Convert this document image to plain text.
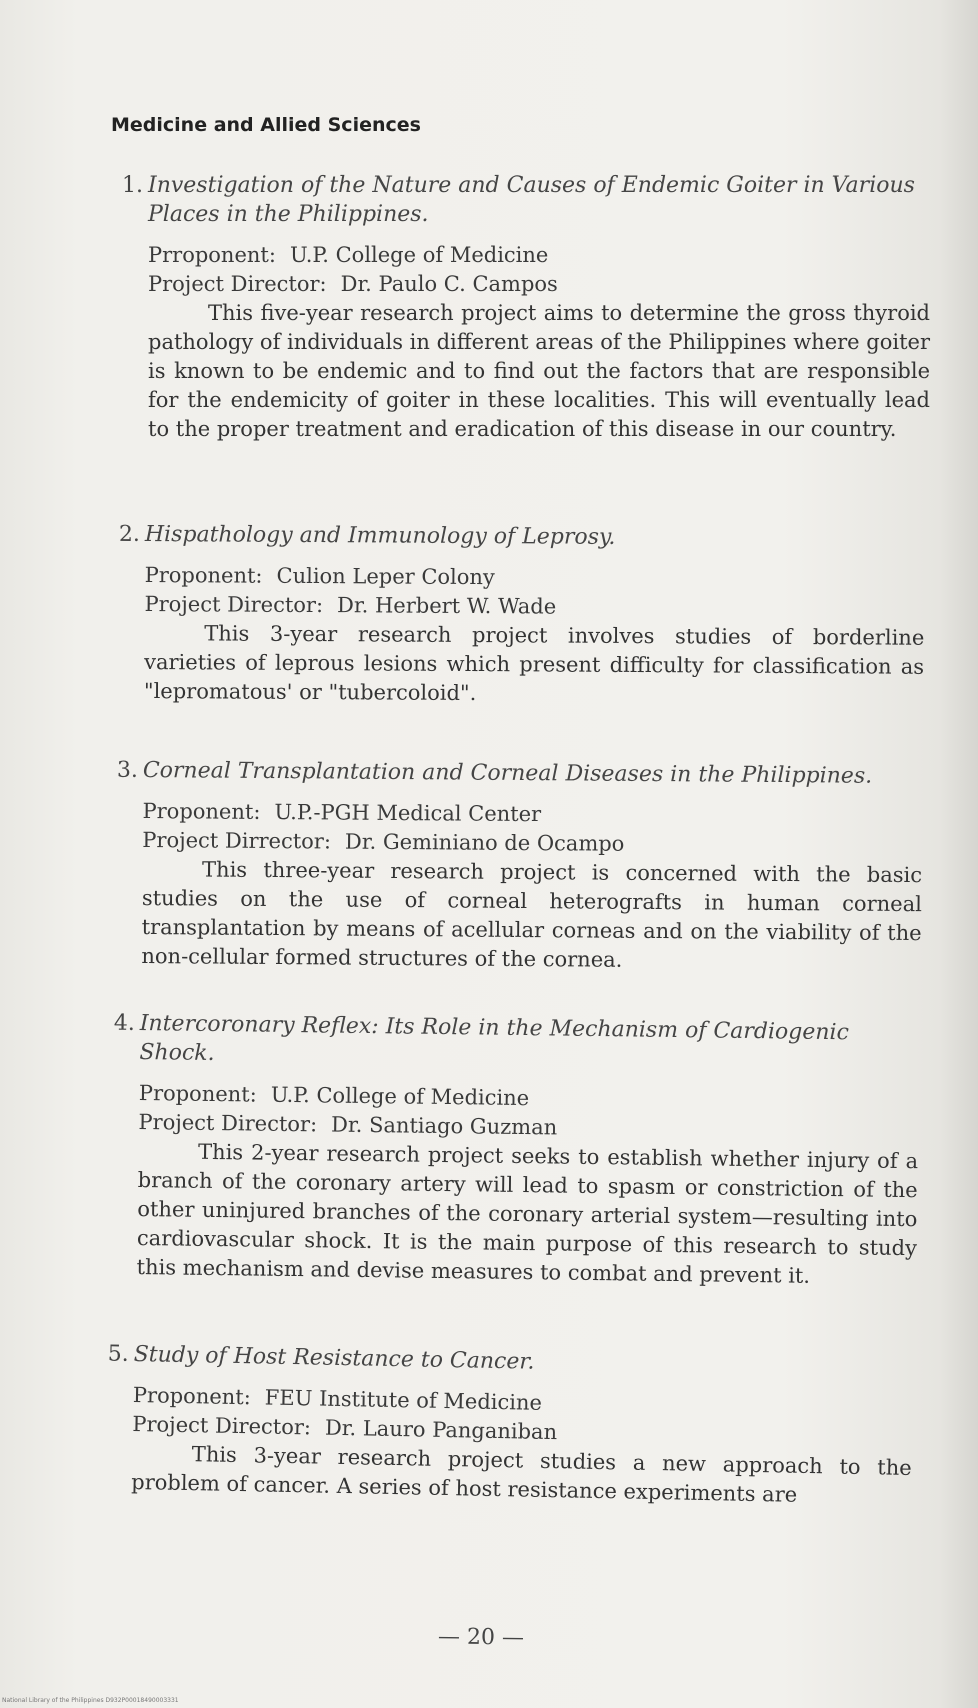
Medicine and Allied Sciences
1. Investigation of the Nature and Causes of Endemic Goiter in Various Places in the Philippines.
Prroponent: U.P. College of Medicine
Project Director: Dr. Paulo C. Campos

This five-year research project aims to determine the gross thyroid pathology of individuals in different areas of the Philippines where goiter is known to be endemic and to find out the factors that are responsible for the endemicity of goiter in these localities. This will eventually lead to the proper treatment and eradication of this disease in our country.

2. Hispathology and Immunology of Leprosy.
Proponent: Culion Leper Colony
Project Director: Dr. Herbert W. Wade

This 3-year research project involves studies of borderline varieties of leprous lesions which present difficulty for classification as "lepromatous' or "tubercoloid".

3. Corneal Transplantation and Corneal Diseases in the Philippines.
Proponent: U.P.-PGH Medical Center
Project Dirrector: Dr. Geminiano de Ocampo

This three-year research project is concerned with the basic studies on the use of corneal heterografts in human corneal transplantation by means of acellular corneas and on the viability of the non-cellular formed structures of the cornea.

4. Intercoronary Reflex: Its Role in the Mechanism of Cardiogenic Shock.
Proponent: U.P. College of Medicine
Project Director: Dr. Santiago Guzman

This 2-year research project seeks to establish whether injury of a branch of the coronary artery will lead to spasm or constriction of the other uninjured branches of the coronary arterial system—resulting into cardiovascular shock. It is the main purpose of this research to study this mechanism and devise measures to combat and prevent it.

5. Study of Host Resistance to Cancer.
Proponent: FEU Institute of Medicine
Project Director: Dr. Lauro Panganiban

This 3-year research project studies a new approach to the problem of cancer. A series of host resistance experiments are

— 20 —
National Library of the Philippines D932P00018490003331
